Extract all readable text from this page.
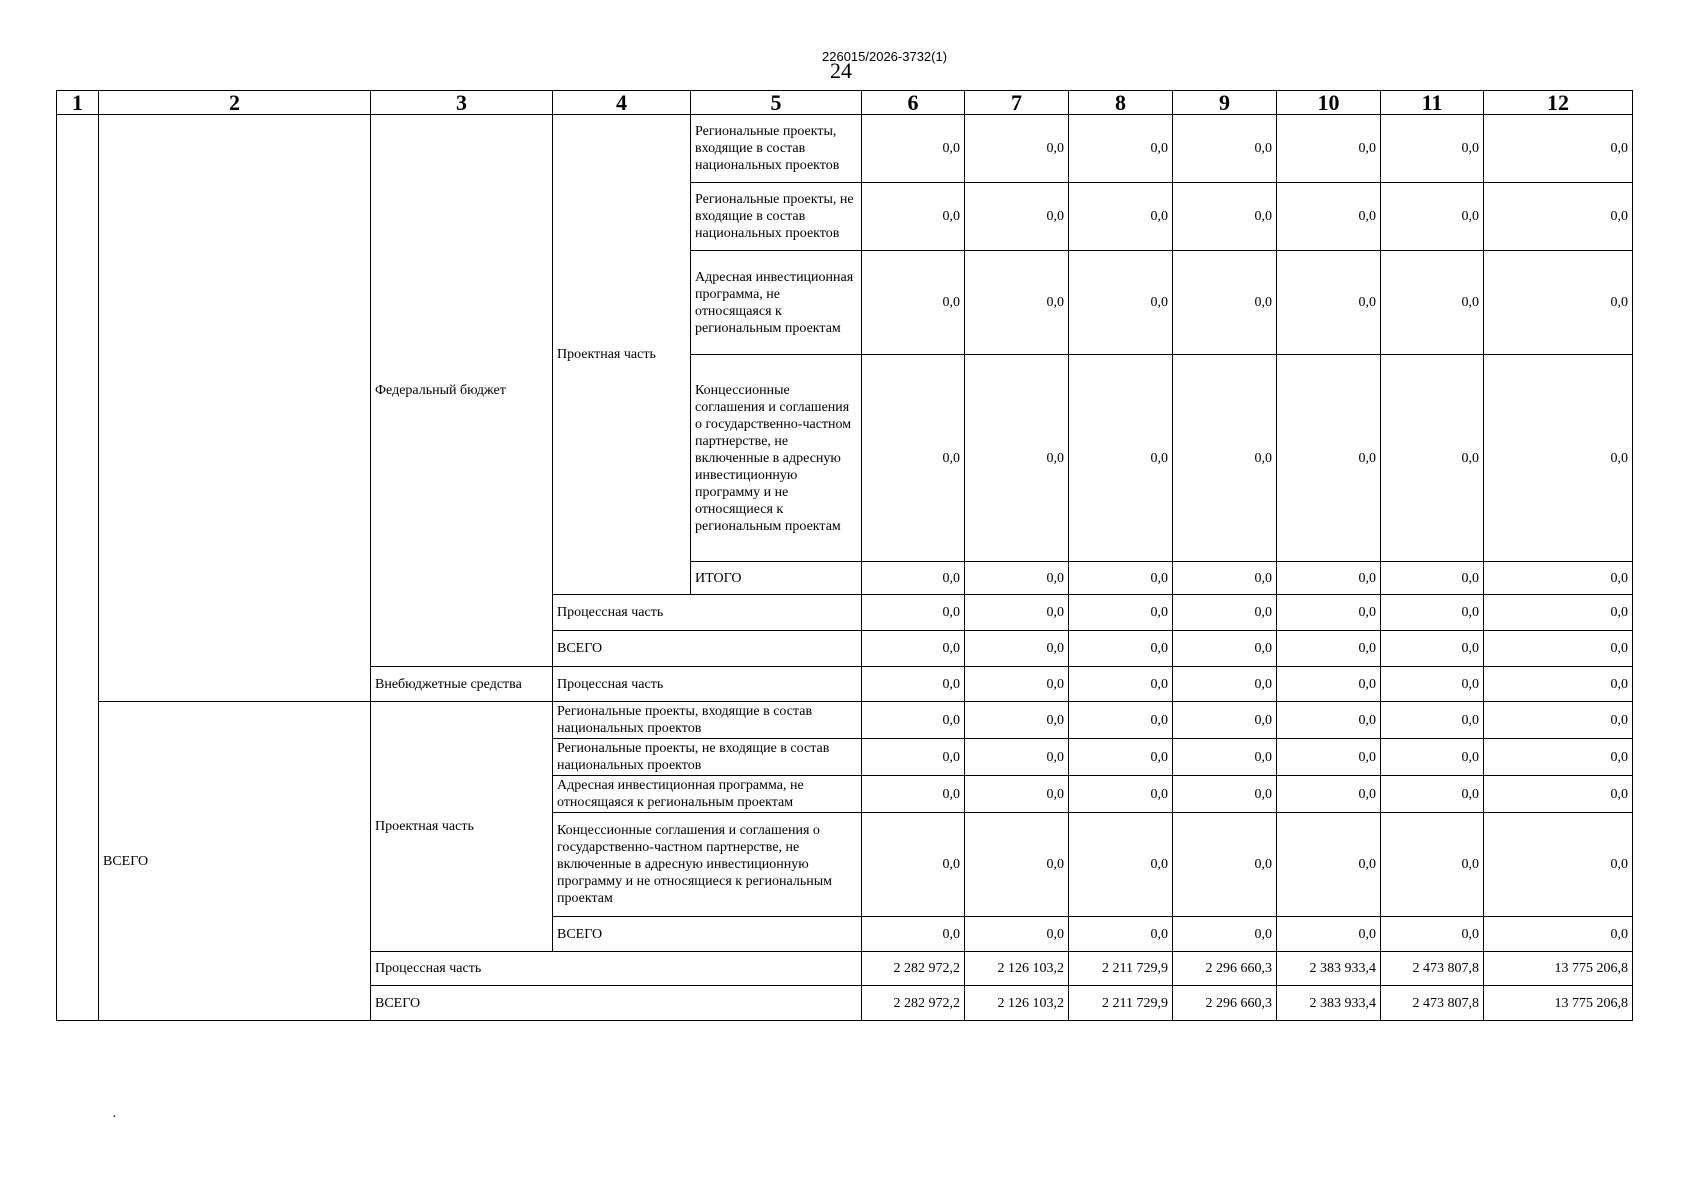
226015/2026-3732(1)
24
1	2	3	4	5	6	7	8	9	10	11	12
		Федеральный бюджет	Проектная часть	Региональные проекты, входящие в состав национальных проектов	0,0	0,0	0,0	0,0	0,0	0,0	0,0
				Региональные проекты, не входящие в состав национальных проектов	0,0	0,0	0,0	0,0	0,0	0,0	0,0
				Адресная инвестиционная программа, не относящаяся к региональным проектам	0,0	0,0	0,0	0,0	0,0	0,0	0,0
				Концессионные соглашения и соглашения о государственно-частном партнерстве, не включенные в адресную инвестиционную программу и не относящиеся к региональным проектам	0,0	0,0	0,0	0,0	0,0	0,0	0,0
				ИТОГО	0,0	0,0	0,0	0,0	0,0	0,0	0,0
			Процессная часть		0,0	0,0	0,0	0,0	0,0	0,0	0,0
			ВСЕГО		0,0	0,0	0,0	0,0	0,0	0,0	0,0
		Внебюджетные средства	Процессная часть		0,0	0,0	0,0	0,0	0,0	0,0	0,0
	ВСЕГО	Проектная часть	Региональные проекты, входящие в состав национальных проектов		0,0	0,0	0,0	0,0	0,0	0,0	0,0
			Региональные проекты, не входящие в состав национальных проектов		0,0	0,0	0,0	0,0	0,0	0,0	0,0
			Адресная инвестиционная программа, не относящаяся к региональным проектам		0,0	0,0	0,0	0,0	0,0	0,0	0,0
			Концессионные соглашения и соглашения о государственно-частном партнерстве, не включенные в адресную инвестиционную программу и не относящиеся к региональным проектам		0,0	0,0	0,0	0,0	0,0	0,0	0,0
			ВСЕГО		0,0	0,0	0,0	0,0	0,0	0,0	0,0
		Процессная часть			2 282 972,2	2 126 103,2	2 211 729,9	2 296 660,3	2 383 933,4	2 473 807,8	13 775 206,8
		ВСЕГО			2 282 972,2	2 126 103,2	2 211 729,9	2 296 660,3	2 383 933,4	2 473 807,8	13 775 206,8
·
